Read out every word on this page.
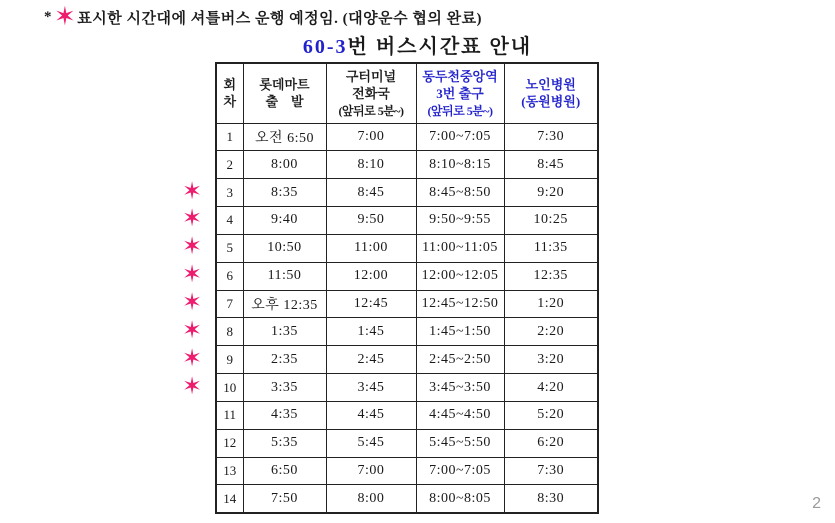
* ✶ 표시한 시간대에 셔틀버스 운행 예정임. (대양운수 협의 완료)
60-3번 버스시간표 안내
회
차

롯데마트
출    발

구터미널
전화국
(앞뒤로 5분~)

동두천중앙역
3번 출구
(앞뒤로 5분~)

노인병원
(동원병원)

1	오전 6:50	7:00	7:00~7:05	7:30
2	8:00	8:10	8:10~8:15	8:45
3	8:35	8:45	8:45~8:50	9:20
4	9:40	9:50	9:50~9:55	10:25
5	10:50	11:00	11:00~11:05	11:35
6	11:50	12:00	12:00~12:05	12:35
7	오후 12:35	12:45	12:45~12:50	1:20
8	1:35	1:45	1:45~1:50	2:20
9	2:35	2:45	2:45~2:50	3:20
10	3:35	3:45	3:45~3:50	4:20
11	4:35	4:45	4:45~4:50	5:20
12	5:35	5:45	5:45~5:50	6:20
13	6:50	7:00	7:00~7:05	7:30
14	7:50	8:00	8:00~8:05	8:30
✶
✶
✶
✶
✶
✶
✶
✶
2
